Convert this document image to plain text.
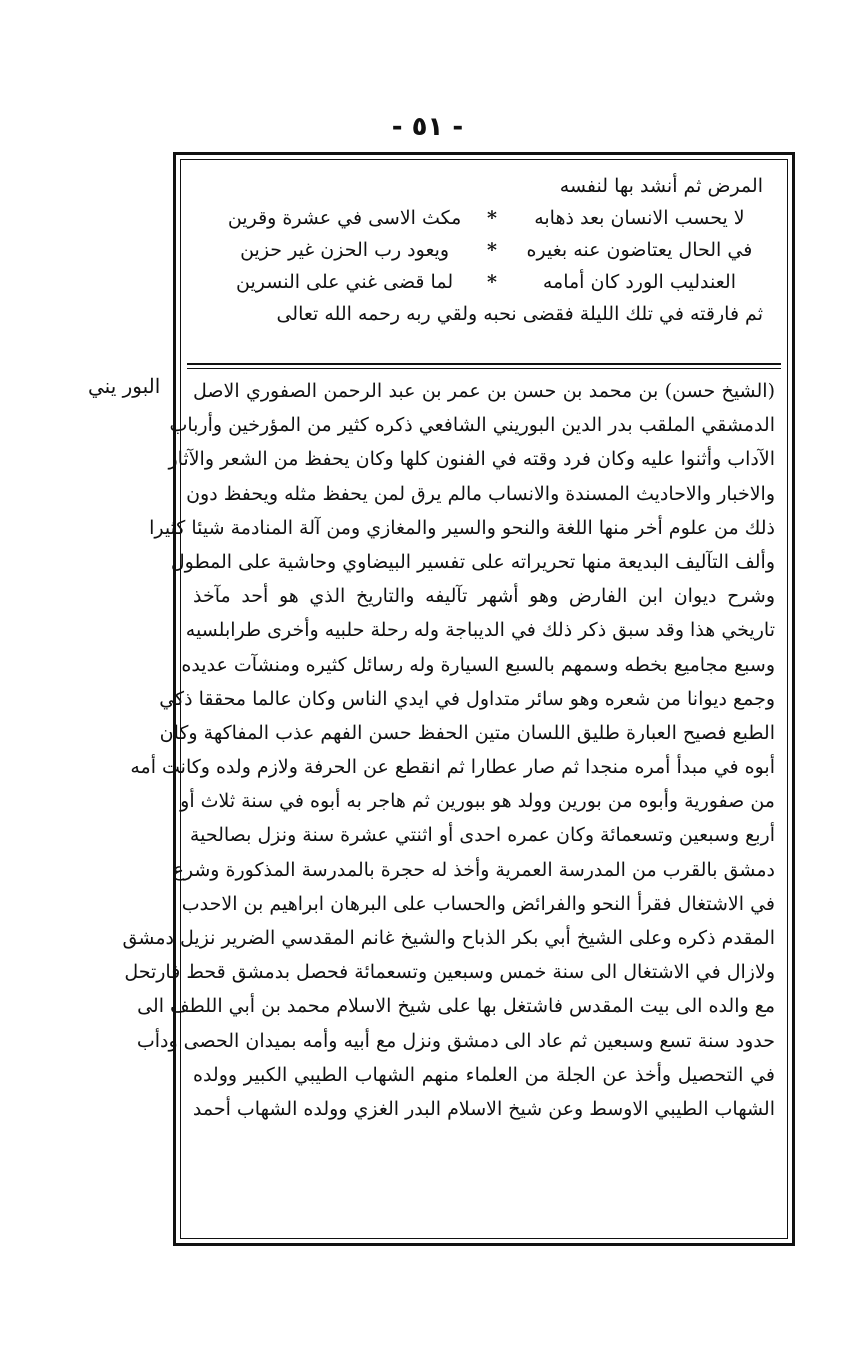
- ٥١ -
البور يني
المرض ثم أنشد بها لنفسه
لا يحسب الانسان بعد ذهابه
*
مكث الاسى في عشرة وقرين
في الحال يعتاضون عنه بغيره
*
ويعود رب الحزن غير حزين
العندليب الورد كان أمامه
*
لما قضى غني على النسرين
ثم فارقته في تلك الليلة فقضى نحبه ولقي ربه رحمه الله تعالى
(الشيخ حسن) بن محمد بن حسن بن عمر بن عبد الرحمن الصفوري الاصل
الدمشقي الملقب بدر الدين البوريني الشافعي ذكره كثير من المؤرخين وأرباب
الآداب وأثنوا عليه وكان فرد وقته في الفنون كلها وكان يحفظ من الشعر والآثار
والاخبار والاحاديث المسندة والانساب مالم يرق لمن يحفظ مثله ويحفظ دون
ذلك من علوم أخر منها اللغة والنحو والسير والمغازي ومن آلة المنادمة شيئا كثيرا
وألف التآليف البديعة منها تحريراته على تفسير البيضاوي وحاشية على المطول
وشرح ديوان ابن الفارض وهو أشهر تآليفه والتاريخ الذي هو أحد مآخذ
تاريخي هذا وقد سبق ذكر ذلك في الديباجة وله رحلة حلبيه وأخرى طرابلسيه
وسبع مجاميع بخطه وسمهم بالسبع السيارة وله رسائل كثيره ومنشآت عديده
وجمع ديوانا من شعره وهو سائر متداول في ايدي الناس وكان عالما محققا ذكي
الطبع فصيح العبارة طليق اللسان متين الحفظ حسن الفهم عذب المفاكهة وكان
أبوه في مبدأ أمره منجدا ثم صار عطارا ثم انقطع عن الحرفة ولازم ولده وكانت أمه
من صفورية وأبوه من بورين وولد هو ببورين ثم هاجر به أبوه في سنة ثلاث أو
أربع وسبعين وتسعمائة وكان عمره احدى أو اثنتي عشرة سنة ونزل بصالحية
دمشق بالقرب من المدرسة العمرية وأخذ له حجرة بالمدرسة المذكورة وشرع
في الاشتغال فقرأ النحو والفرائض والحساب على البرهان ابراهيم بن الاحدب
المقدم ذكره وعلى الشيخ أبي بكر الذباح والشيخ غانم المقدسي الضرير نزيل دمشق
ولازال في الاشتغال الى سنة خمس وسبعين وتسعمائة فحصل بدمشق قحط فارتحل
مع والده الى بيت المقدس فاشتغل بها على شيخ الاسلام محمد بن أبي اللطف الى
حدود سنة تسع وسبعين ثم عاد الى دمشق ونزل مع أبيه وأمه بميدان الحصى ودأب
في التحصيل وأخذ عن الجلة من العلماء منهم الشهاب الطيبي الكبير وولده
الشهاب الطيبي الاوسط وعن شيخ الاسلام البدر الغزي وولده الشهاب أحمد
